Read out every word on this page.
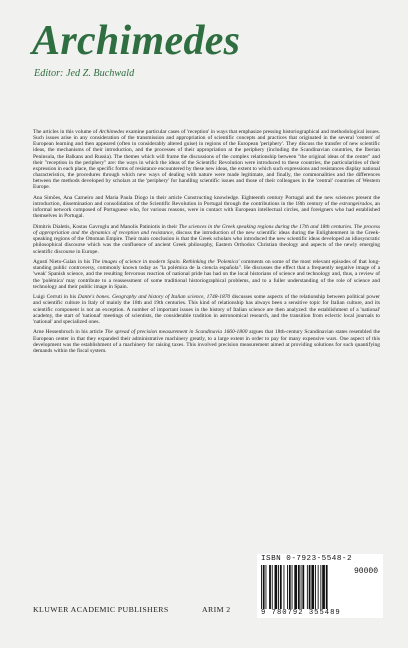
Archimedes
Editor: Jed Z. Buchwald

The articles in this volume of Archimedes examine particular cases of 'reception' in ways that emphasize pressing historiographical and methodological issues. Such issues arise in any consideration of the transmission and appropriation of scientific concepts and practices that originated in the several 'centers' of European learning and then appeared (often in considerably altered guise) in regions of the European 'periphery'. They discuss the transfer of new scientific ideas, the mechanisms of their introduction, and the processes of their appropriation at the periphery (including the Scandinavian countries, the Iberian Peninsula, the Balkans and Russia). The themes which will frame the discussions of the complex relationship between "the original ideas of the center" and their "reception in the periphery" are: the ways in which the ideas of the Scientific Revolution were introduced to these countries, the particularities of their expression in each place, the specific forms of resistance encountered by these new ideas, the extent to which such expressions and resistances display national characteristics, the procedures through which new ways of dealing with nature were made legitimate, and finally, the commonalities and the differences between the methods developed by scholars at the 'periphery' for handling scientific issues and those of their colleagues in the 'central' countries of Western Europe.

Ana Simões, Ana Carneiro and Maria Paula Diogo in their article Constructing knowledge. Eighteenth century Portugal and the new sciences present the introduction, dissemination and consolidation of the Scientific Revolution in Portugal through the contributions in the 18th century of the estrangeirados, an informal network composed of Portuguese who, for various reasons, were in contact with European intellectual circles, and foreigners who had established themselves in Portugal.

Dimitris Dialetis, Kostas Gavroglu and Manolis Patiniotis in their The sciences in the Greek speaking regions during the 17th and 18th centuries. The process of appropriation and the dynamics of reception and resistance, discuss the introduction of the new scientific ideas during the Enlightenment in the Greek-speaking regions of the Ottoman Empire. Their main conclusion is that the Greek scholars who introduced the new scientific ideas developed an idiosyncratic philosophical discourse which was the confluence of ancient Greek philosophy, Eastern Orthodox Christian theology and aspects of the newly emerging scientific discourse in Europe.

Agustí Nieto-Galan in his The images of science in modern Spain. Rethinking the 'Polemica' comments on some of the most relevant episodes of that long-standing public controversy, commonly known today as "la polémica de la ciencia española". He discusses the effect that a frequently negative image of a 'weak' Spanish science, and the resulting fervorous reaction of national pride has had on the local historians of science and technology and, thus, a review of the 'polémica' may contribute to a reassessment of some traditional historiographical problems, and to a fuller understanding of the role of science and technology and their public image in Spain.

Luigi Cerruti in his Dante's bones. Geography and history of Italian science, 1748-1870 discusses some aspects of the relationship between political power and scientific culture in Italy of mainly the 18th and 19th centuries. This kind of relationship has always been a sensitive topic for Italian culture, and its scientific component is not an exception. A number of important issues in the history of Italian science are then analyzed: the establishment of a 'national' academy, the start of 'national' meetings of scientists, the considerable tradition in astronomical research, and the transition from eclectic local journals to 'national' and specialized ones.

Arne Hessenbruch in his article The spread of precision measurement in Scandinavia 1660-1800 argues that 18th-century Scandinavian states resembled the European center in that they expanded their administrative machinery greatly, to a large extent in order to pay for many expensive wars. One aspect of this development was the establishment of a machinery for raising taxes. This involved precision measurement aimed at providing solutions for such quantifying demands within the fiscal system.

ISBN 0-7923-5548-2
90000
9 780792 355489
KLUWER ACADEMIC PUBLISHERS	ARIM 2
